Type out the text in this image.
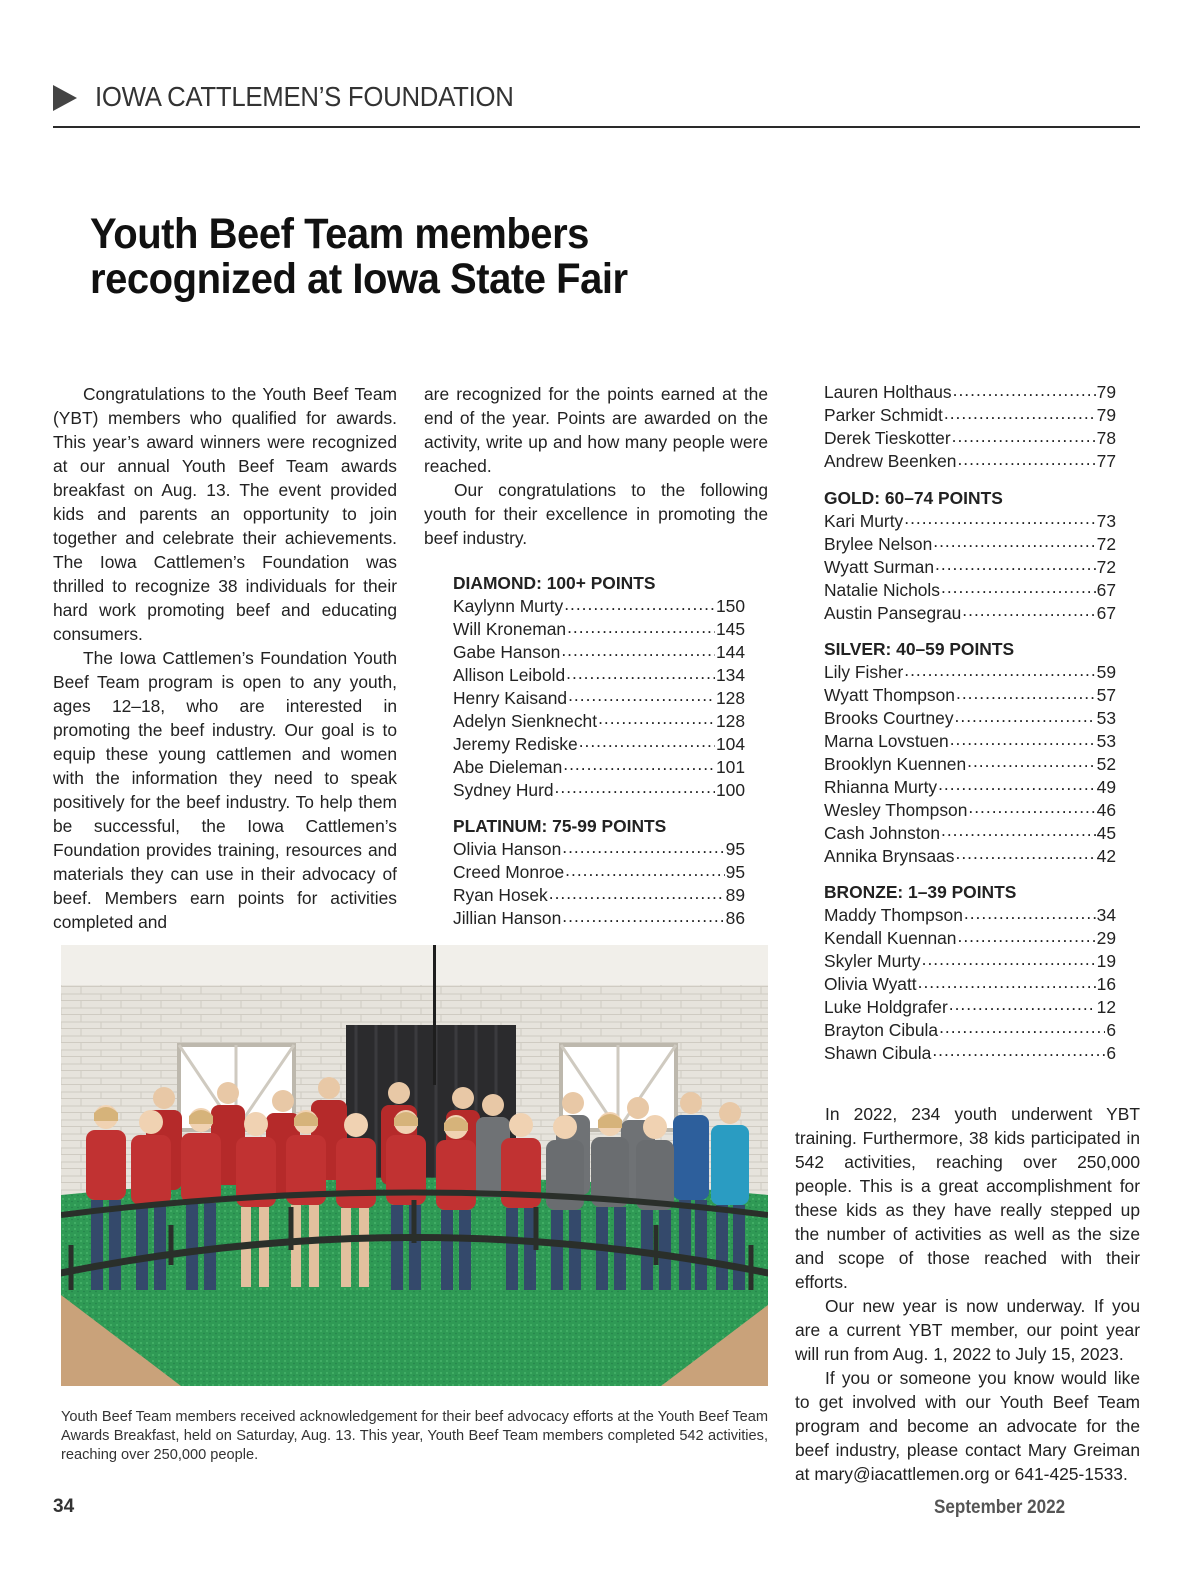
IOWA CATTLEMEN’S FOUNDATION
Youth Beef Team members recognized at Iowa State Fair

Congratulations to the Youth Beef Team (YBT) members who qualified for awards. This year’s award winners were recognized at our annual Youth Beef Team awards breakfast on Aug. 13. The event provided kids and parents an opportunity to join together and celebrate their achievements. The Iowa Cattlemen’s Foundation was thrilled to recognize 38 individuals for their hard work promoting beef and educating consumers.

The Iowa Cattlemen’s Foundation Youth Beef Team program is open to any youth, ages 12–18, who are interested in promoting the beef industry. Our goal is to equip these young cattlemen and women with the information they need to speak positively for the beef industry. To help them be successful, the Iowa Cattlemen’s Foundation provides training, resources and materials they can use in their advocacy of beef. Members earn points for activities completed and

are recognized for the points earned at the end of the year. Points are awarded on the activity, write up and how many people were reached.

Our congratulations to the following youth for their excellence in promoting the beef industry.

DIAMOND: 100+ POINTS
Kaylynn Murty .....	150
Will Kroneman .....	145
Gabe Hanson .....	144
Allison Leibold .....	134
Henry Kaisand .....	128
Adelyn Sienknecht .....	128
Jeremy Rediske .....	104
Abe Dieleman .....	101
Sydney Hurd .....	100
PLATINUM: 75-99 POINTS
Olivia Hanson .....	95
Creed Monroe .....	95
Ryan Hosek .....	89
Jillian Hanson .....	86
Lauren Holthaus .....	79
Parker Schmidt .....	79
Derek Tieskotter .....	78
Andrew Beenken .....	77
GOLD: 60–74 POINTS
Kari Murty .....	73
Brylee Nelson .....	72
Wyatt Surman .....	72
Natalie Nichols .....	67
Austin Pansegrau .....	67
SILVER: 40–59 POINTS
Lily Fisher .....	59
Wyatt Thompson .....	57
Brooks Courtney .....	53
Marna Lovstuen .....	53
Brooklyn Kuennen .....	52
Rhianna Murty .....	49
Wesley Thompson .....	46
Cash Johnston .....	45
Annika Brynsaas .....	42
BRONZE: 1–39 POINTS
Maddy Thompson .....	34
Kendall Kuennan .....	29
Skyler Murty .....	19
Olivia Wyatt .....	16
Luke Holdgrafer .....	12
Brayton Cibula .....	6
Shawn Cibula .....	6

In 2022, 234 youth underwent YBT training. Furthermore, 38 kids participated in 542 activities, reaching over 250,000 people. This is a great accomplishment for these kids as they have really stepped up the number of activities as well as the size and scope of those reached with their efforts.

Our new year is now underway. If you are a current YBT member, our point year will run from Aug. 1, 2022 to July 15, 2023.

If you or someone you know would like to get involved with our Youth Beef Team program and become an advocate for the beef industry, please contact Mary Greiman at mary@iacattlemen.org or 641-425-1533.

Youth Beef Team members received acknowledgement for their beef advocacy efforts at the Youth Beef Team Awards Breakfast, held on Saturday, Aug. 13. This year, Youth Beef Team members completed 542 activities, reaching over 250,000 people.
34	September 2022
